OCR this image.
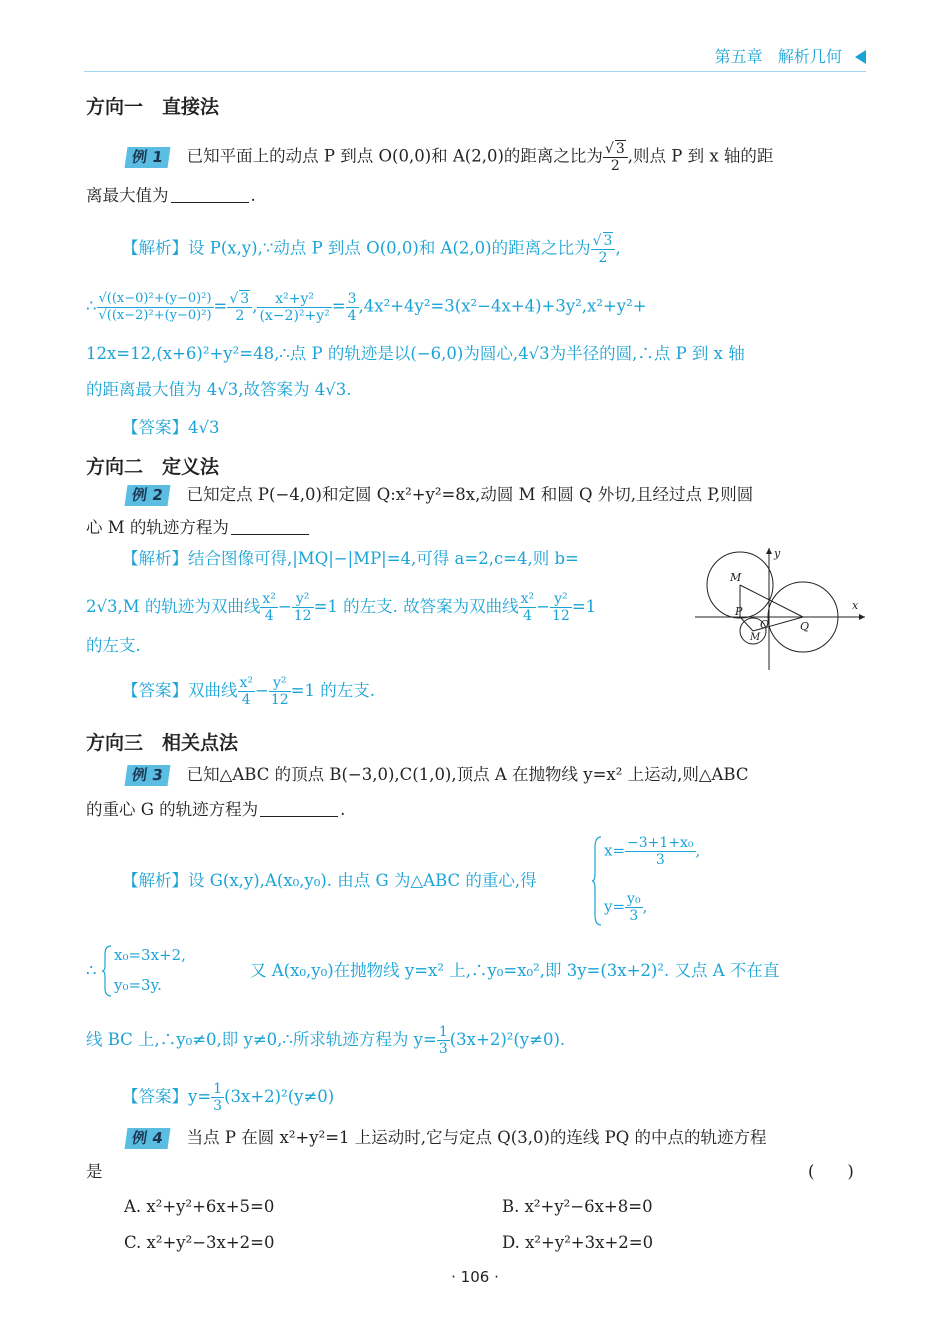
第五章 解析几何
方向一　直接法
例 1 已知平面上的动点 P 到点 O(0,0)和 A(2,0)的距离之比为 $\frac{√ 3}{2}$ ,则点 P 到 x 轴的距
离最大值为	.
【解析】设 P(x,y),∵动点 P 到点 O(0,0)和 A(2,0)的距离之比为 $\frac{√ 3}{2}$ ,
∴ $\frac{\text{√((x−0)²+(y−0)²)}}{\text{√((x−2)²+(y−0)²)}} = \frac{√ 3}{2}$ , $\frac{\text{x²+y²}}{\text{(x−2)²+y²}} = \frac{3}{4} ,4x^2+4y^2=3(x^2-4x+4)+3y^2,x^2+y^2+$
12x=12,(x+6)²+y²=48,∴点 P 的轨迹是以(−6,0)为圆心,4√3为半径的圆,∴点 P 到 x 轴
的距离最大值为 4√3,故答案为 4√3.
【答案】4√3
方向二　定义法
例 2 已知定点 P(−4,0)和定圆 Q:x²+y²=8x,动圆 M 和圆 Q 外切,且经过点 P,则圆
心 M 的轨迹方程为
【解析】结合图像可得,|MQ|−|MP|=4,可得 a=2,c=4,则 b=
2√3,M 的轨迹为双曲线 $\frac{\text{x²}}{4} - \frac{\text{y²}}{12} =1$ 的左支. 故答案为双曲线 $\frac{\text{x²}}{4} - \frac{\text{y²}}{12} =1$
的左支.
【答案】双曲线 $\frac{\text{x²}}{4} - \frac{\text{y²}}{12} =1$ 的左支.
M
P
O	Q
M
x
y
方向三　相关点法
例 3 已知△ABC 的顶点 B(−3,0),C(1,0),顶点 A 在抛物线 y=x² 上运动,则△ABC
的重心 G 的轨迹方程为	.
【解析】设 G(x,y),A(x₀,y₀). 由点 G 为△ABC 的重心,得
$x= \frac{\text{−3+1+x₀}}{3}$ ,
$y= \frac{\text{y₀}}{3}$ ,
∴
x₀=3x+2,
y₀=3y.
又 A(x₀,y₀)在抛物线 y=x² 上,∴y₀=x₀²,即 3y=(3x+2)². 又点 A 不在直
线 BC 上,∴y₀≠0,即 y≠0,∴所求轨迹方程为 $y= \frac{1}{3} (3x+2)^2(y\ne 0)$.
【答案】$y= \frac{1}{3} (3x+2)^2(y\ne 0)$
例 4 当点 P 在圆 x²+y²=1 上运动时,它与定点 Q(3,0)的连线 PQ 的中点的轨迹方程
是	(　　)
A. x²+y²+6x+5=0	B. x²+y²−6x+8=0
C. x²+y²−3x+2=0	D. x²+y²+3x+2=0
· 106 ·
